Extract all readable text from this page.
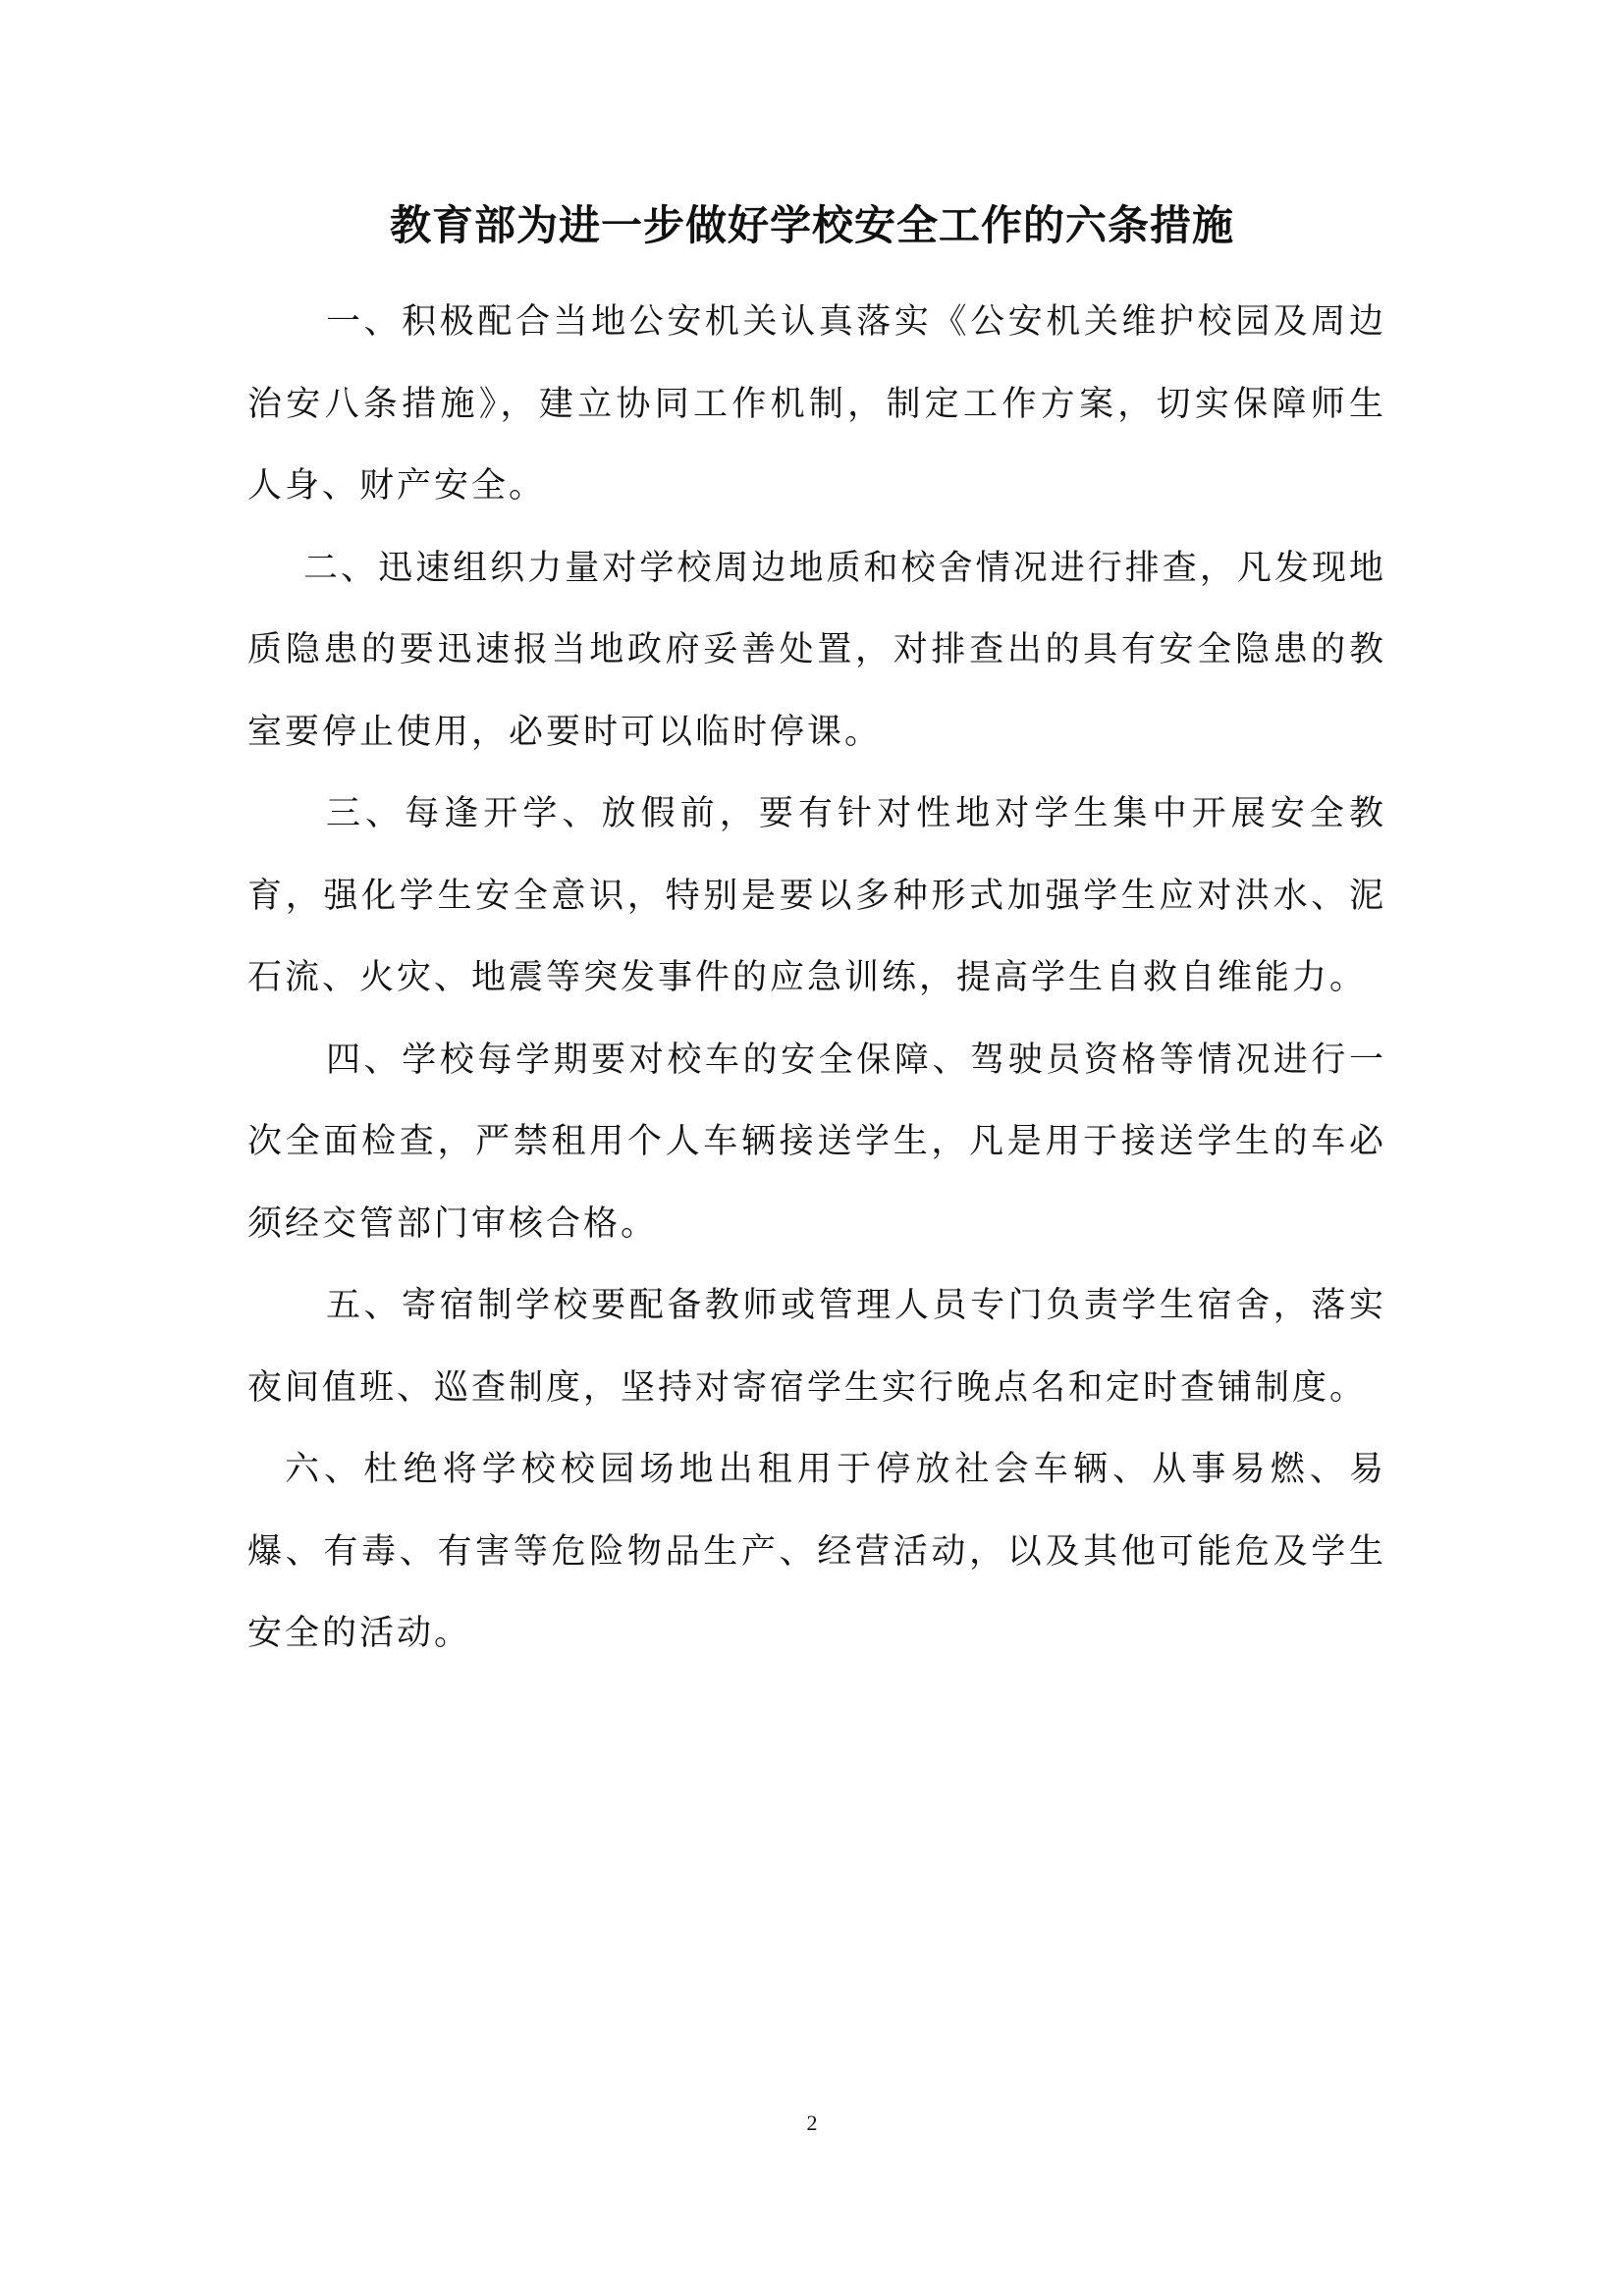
教育部为进一步做好学校安全工作的六条措施

一、积极配合当地公安机关认真落实《公安机关维护校园及周边治安八条措施》，建立协同工作机制，制定工作方案，切实保障师生人身、财产安全。

二、迅速组织力量对学校周边地质和校舍情况进行排查，凡发现地质隐患的要迅速报当地政府妥善处置，对排查出的具有安全隐患的教室要停止使用，必要时可以临时停课。

三、每逢开学、放假前，要有针对性地对学生集中开展安全教育，强化学生安全意识，特别是要以多种形式加强学生应对洪水、泥石流、火灾、地震等突发事件的应急训练，提高学生自救自维能力。

四、学校每学期要对校车的安全保障、驾驶员资格等情况进行一次全面检查，严禁租用个人车辆接送学生，凡是用于接送学生的车必须经交管部门审核合格。

五、寄宿制学校要配备教师或管理人员专门负责学生宿舍，落实夜间值班、巡查制度，坚持对寄宿学生实行晚点名和定时查铺制度。

六、杜绝将学校校园场地出租用于停放社会车辆、从事易燃、易爆、有毒、有害等危险物品生产、经营活动，以及其他可能危及学生安全的活动。

2
